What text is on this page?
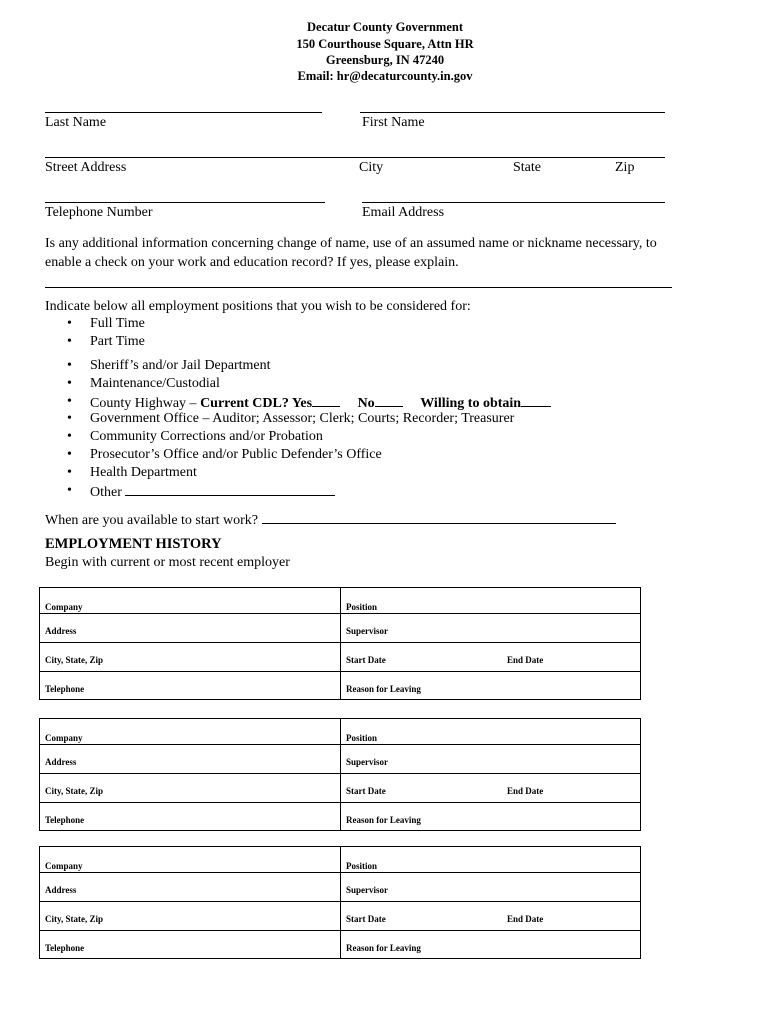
Decatur County Government
150 Courthouse Square, Attn HR
Greensburg, IN 47240
Email: hr@decaturcounty.in.gov
Last Name	First Name
Street Address	City	State	Zip
Telephone Number	Email Address
Is any additional information concerning change of name, use of an assumed name or nickname necessary, to enable a check on your work and education record? If yes, please explain.
Indicate below all employment positions that you wish to be considered for:
• Full Time
• Part Time
• Sheriff’s and/or Jail Department
• Maintenance/Custodial
• County Highway – Current CDL? Yes	No	Willing to obtain
• Government Office – Auditor; Assessor; Clerk; Courts; Recorder; Treasurer
• Community Corrections and/or Probation
• Prosecutor’s Office and/or Public Defender’s Office
• Health Department
• Other
When are you available to start work?
EMPLOYMENT HISTORY
Begin with current or most recent employer
Company	Position
Address	Supervisor
City, State, Zip	Start Date	End Date
Telephone	Reason for Leaving
Company	Position
Address	Supervisor
City, State, Zip	Start Date	End Date
Telephone	Reason for Leaving
Company	Position
Address	Supervisor
City, State, Zip	Start Date	End Date
Telephone	Reason for Leaving
